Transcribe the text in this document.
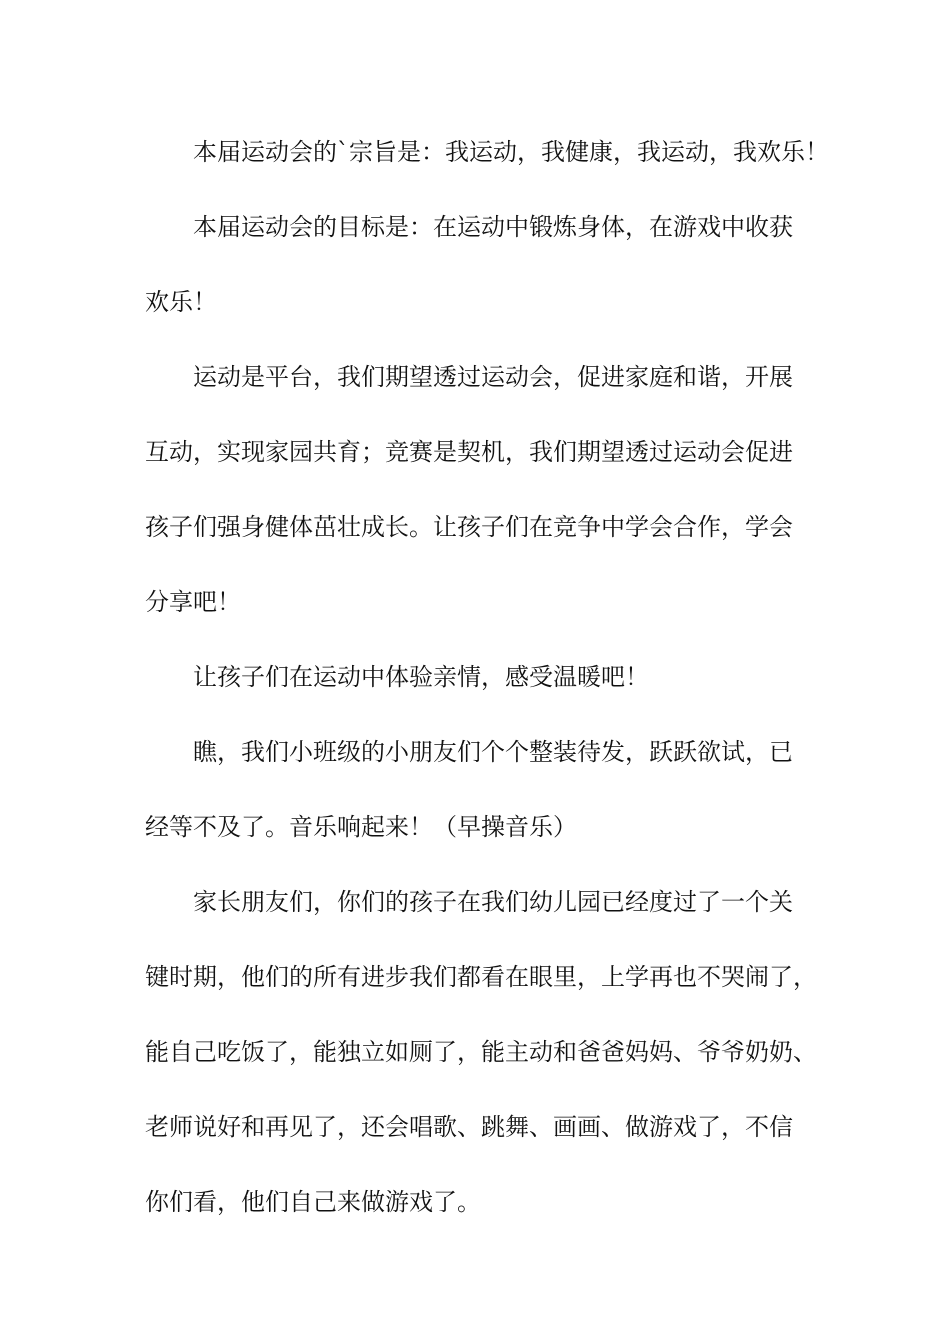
本届运动会的`宗旨是：我运动，我健康，我运动，我欢乐！

本届运动会的目标是：在运动中锻炼身体，在游戏中收获

欢乐！

运动是平台，我们期望透过运动会，促进家庭和谐，开展

互动，实现家园共育；竞赛是契机，我们期望透过运动会促进

孩子们强身健体茁壮成长。让孩子们在竞争中学会合作，学会

分享吧！

让孩子们在运动中体验亲情，感受温暖吧！

瞧，我们小班级的小朋友们个个整装待发，跃跃欲试，已

经等不及了。音乐响起来！（早操音乐）

家长朋友们，你们的孩子在我们幼儿园已经度过了一个关

键时期，他们的所有进步我们都看在眼里，上学再也不哭闹了，

能自己吃饭了，能独立如厕了，能主动和爸爸妈妈、爷爷奶奶、

老师说好和再见了，还会唱歌、跳舞、画画、做游戏了，不信

你们看，他们自己来做游戏了。
